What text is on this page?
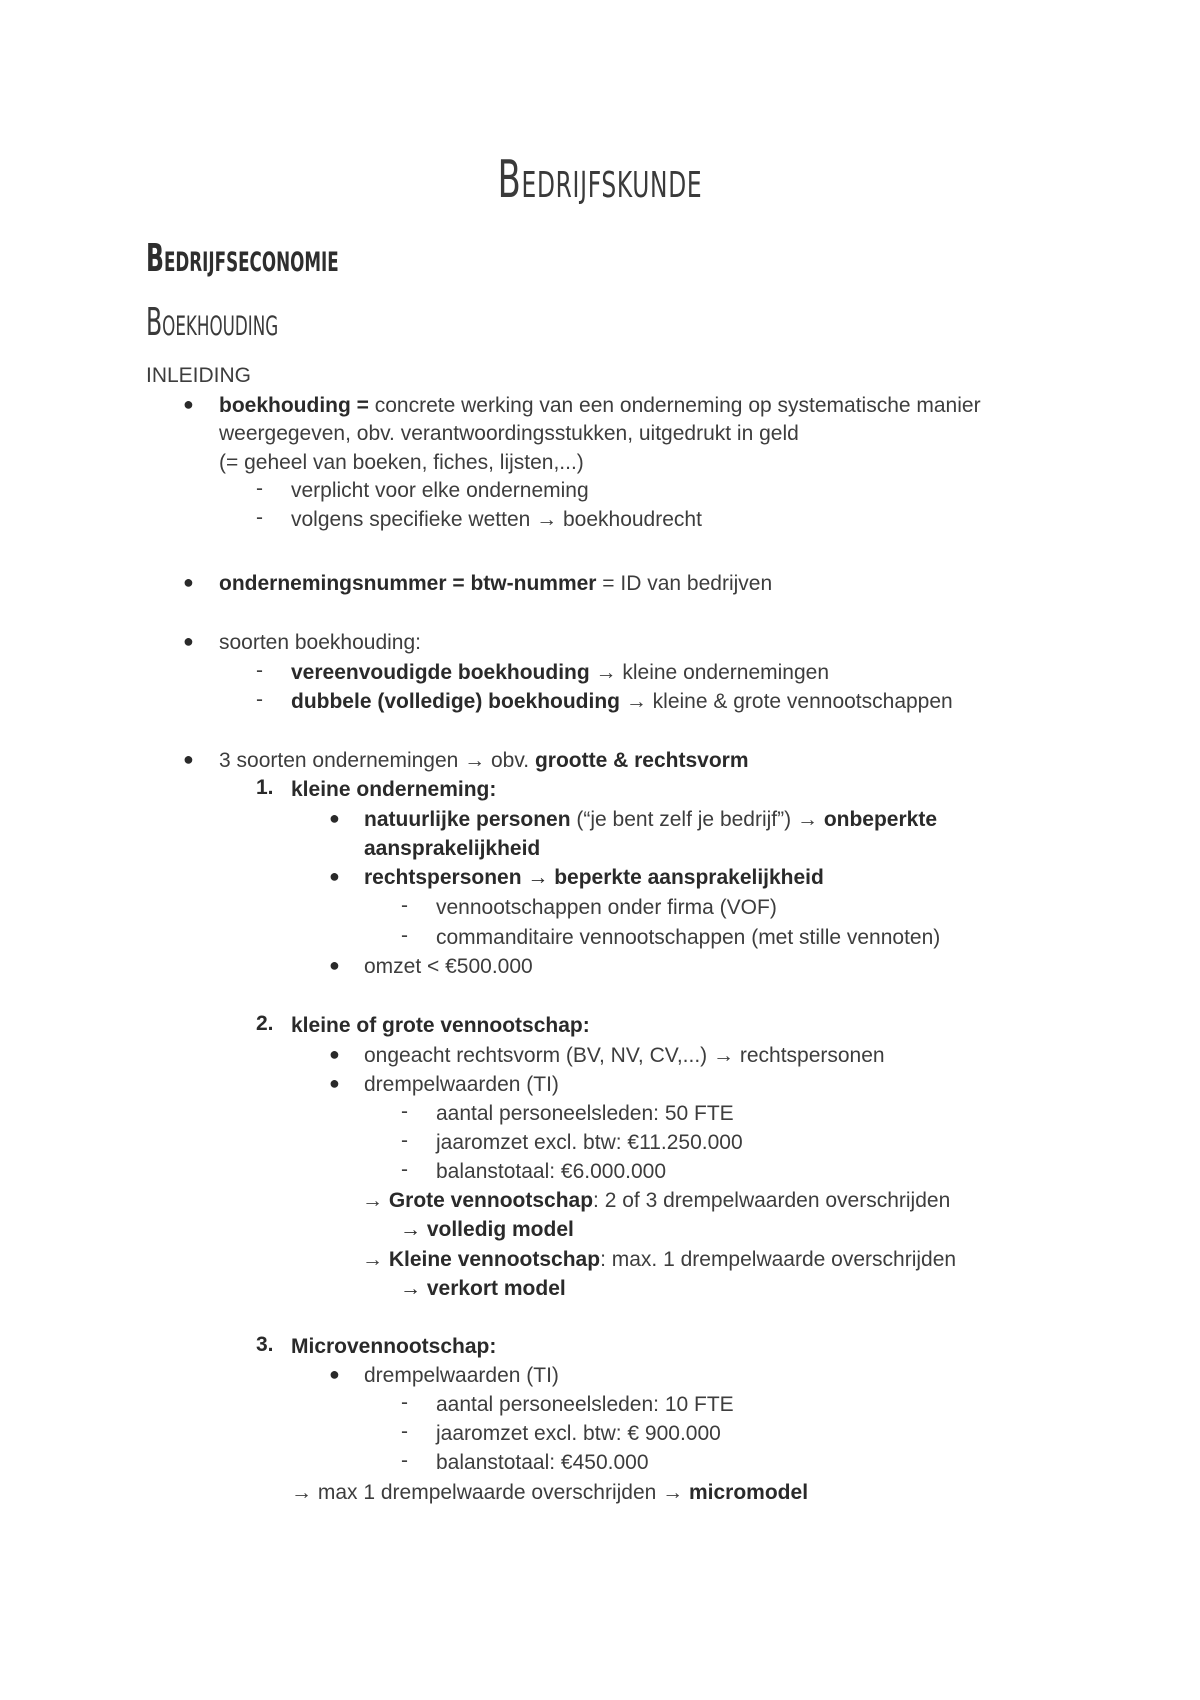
Bedrijfskunde
Bedrijfseconomie
Boekhouding
INLEIDING
● boekhouding = concrete werking van een onderneming op systematische manier
weergegeven, obv. verantwoordingsstukken, uitgedrukt in geld
(= geheel van boeken, fiches, lijsten,...)
- verplicht voor elke onderneming
- volgens specifieke wetten → boekhoudrecht
● ondernemingsnummer = btw-nummer = ID van bedrijven
● soorten boekhouding:
- vereenvoudigde boekhouding → kleine ondernemingen
- dubbele (volledige) boekhouding → kleine & grote vennootschappen
● 3 soorten ondernemingen → obv. grootte & rechtsvorm
1. kleine onderneming:
● natuurlijke personen (“je bent zelf je bedrijf”) → onbeperkte
aansprakelijkheid
● rechtspersonen → beperkte aansprakelijkheid
- vennootschappen onder firma (VOF)
- commanditaire vennootschappen (met stille vennoten)
● omzet < €500.000
2. kleine of grote vennootschap:
● ongeacht rechtsvorm (BV, NV, CV,...) → rechtspersonen
● drempelwaarden (TI)
- aantal personeelsleden: 50 FTE
- jaaromzet excl. btw: €11.250.000
- balanstotaal: €6.000.000
→ Grote vennootschap: 2 of 3 drempelwaarden overschrijden
→ volledig model
→ Kleine vennootschap: max. 1 drempelwaarde overschrijden
→ verkort model
3. Microvennootschap:
● drempelwaarden (TI)
- aantal personeelsleden: 10 FTE
- jaaromzet excl. btw: € 900.000
- balanstotaal: €450.000
→ max 1 drempelwaarde overschrijden → micromodel
